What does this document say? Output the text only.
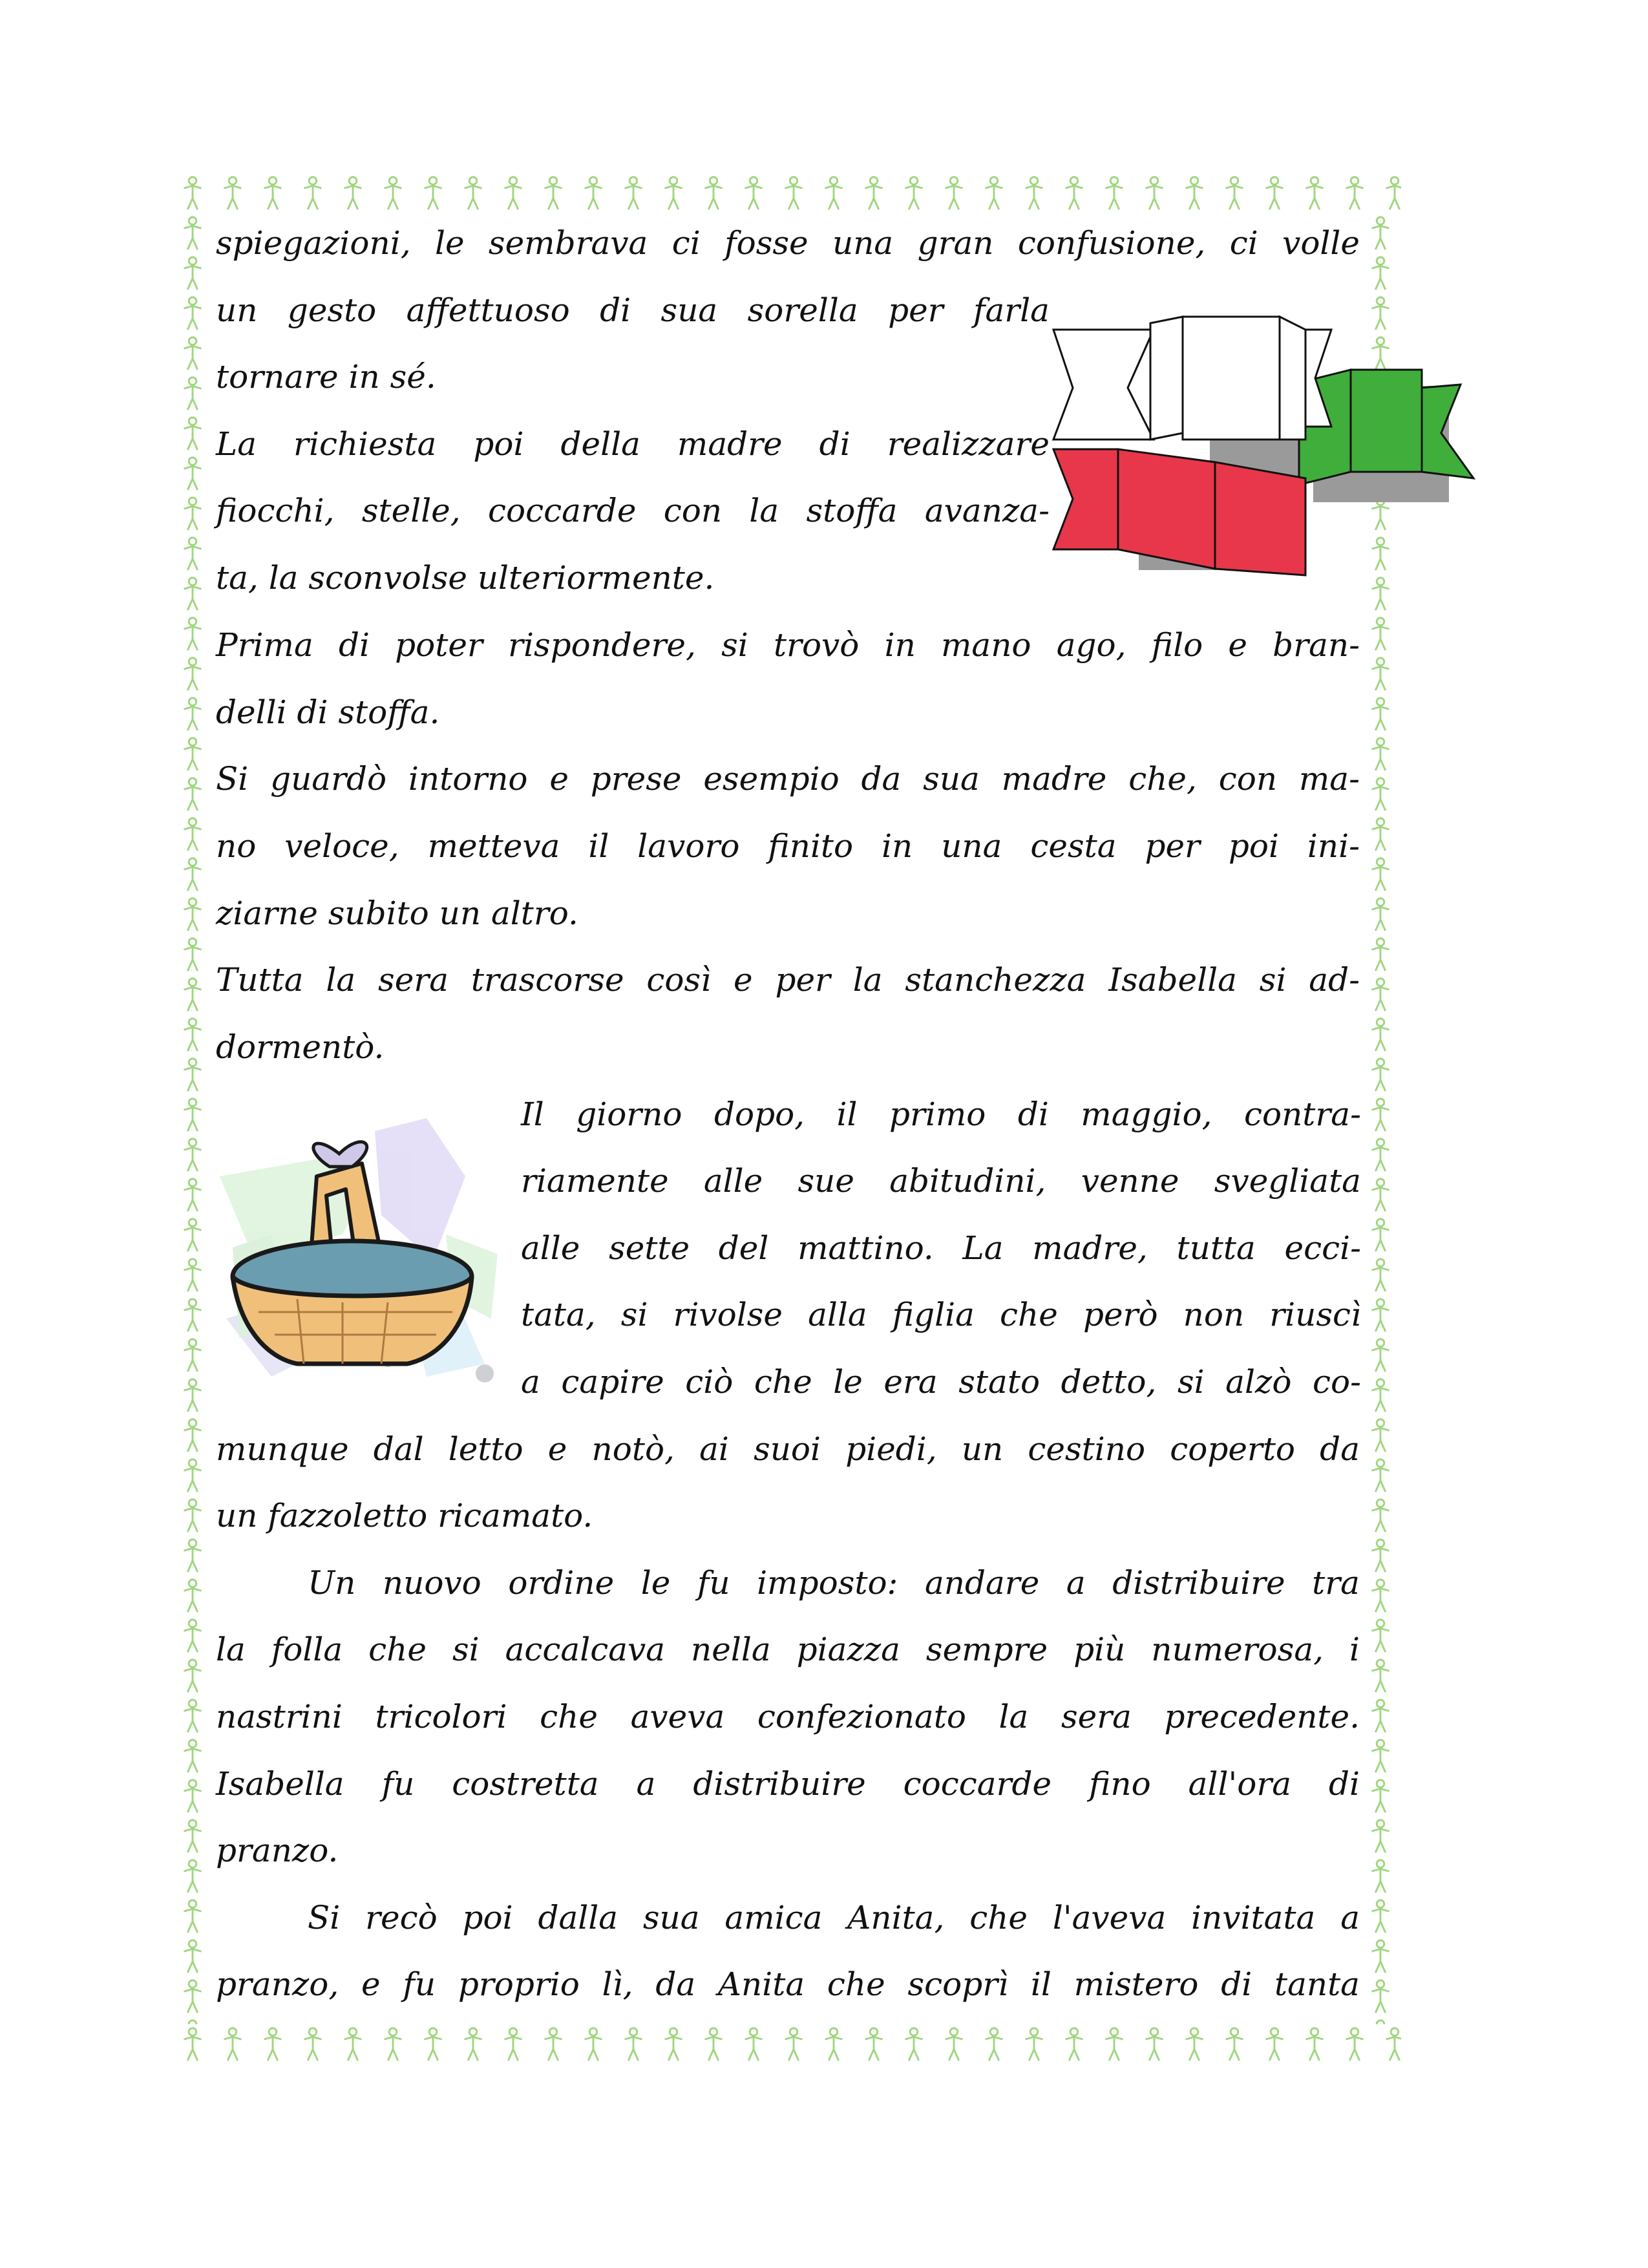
spiegazioni, le sembrava ci fosse una gran confusione, ci volle
un gesto affettuoso di sua sorella per farla
tornare in sé.
La richiesta poi della madre di realizzare
fiocchi, stelle, coccarde con la stoffa avanza-
ta, la sconvolse ulteriormente.
Prima di poter rispondere, si trovò in mano ago, filo e bran-
delli di stoffa.
Si guardò intorno e prese esempio da sua madre che, con ma-
no veloce, metteva il lavoro finito in una cesta per poi ini-
ziarne subito un altro.
Tutta la sera trascorse così e per la stanchezza Isabella si ad-
dormentò.
Il giorno dopo, il primo di maggio, contra-
riamente alle sue abitudini, venne svegliata
alle sette del mattino. La madre, tutta ecci-
tata, si rivolse alla figlia che però non riuscì
a capire ciò che le era stato detto, si alzò co-
munque dal letto e notò, ai suoi piedi, un cestino coperto da
un fazzoletto ricamato.
Un nuovo ordine le fu imposto: andare a distribuire tra
la folla che si accalcava nella piazza sempre più numerosa, i
nastrini tricolori che aveva confezionato la sera precedente.
Isabella fu costretta a distribuire coccarde fino all'ora di
pranzo.
Si recò poi dalla sua amica Anita, che l'aveva invitata a
pranzo, e fu proprio lì, da Anita che scoprì il mistero di tanta
